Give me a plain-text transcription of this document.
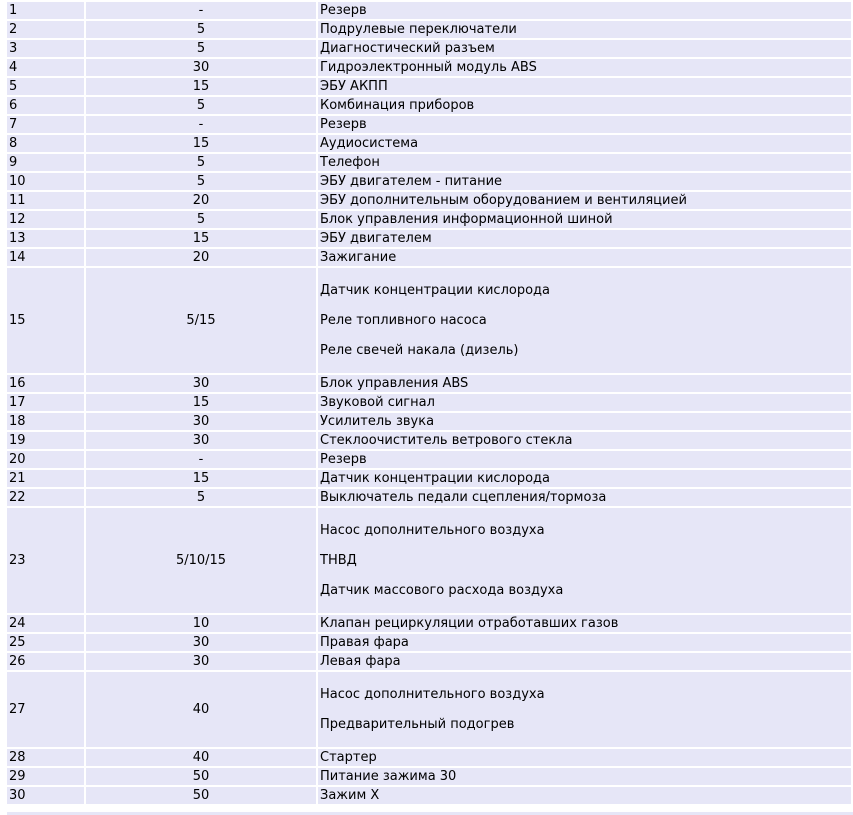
1	-	Резерв
2	5	Подрулевые переключатели
3	5	Диагностический разъем
4	30	Гидроэлектронный модуль ABS
5	15	ЭБУ АКПП
6	5	Комбинация приборов
7	-	Резерв
8	15	Аудиосистема
9	5	Телефон
10	5	ЭБУ двигателем - питание
11	20	ЭБУ дополнительным оборудованием и вентиляцией
12	5	Блок управления информационной шиной
13	15	ЭБУ двигателем
14	20	Зажигание
15	5/15	Датчик концентрации кислорода
Реле топливного насоса
Реле свечей накала (дизель)

16	30	Блок управления ABS
17	15	Звуковой сигнал
18	30	Усилитель звука
19	30	Стеклоочиститель ветрового стекла
20	-	Резерв
21	15	Датчик концентрации кислорода
22	5	Выключатель педали сцепления/тормоза
23	5/10/15	Насос дополнительного воздуха
ТНВД
Датчик массового расхода воздуха

24	10	Клапан рециркуляции отработавших газов
25	30	Правая фара
26	30	Левая фара
27	40	Насос дополнительного воздуха
Предварительный подогрев

28	40	Стартер
29	50	Питание зажима 30
30	50	Зажим X
